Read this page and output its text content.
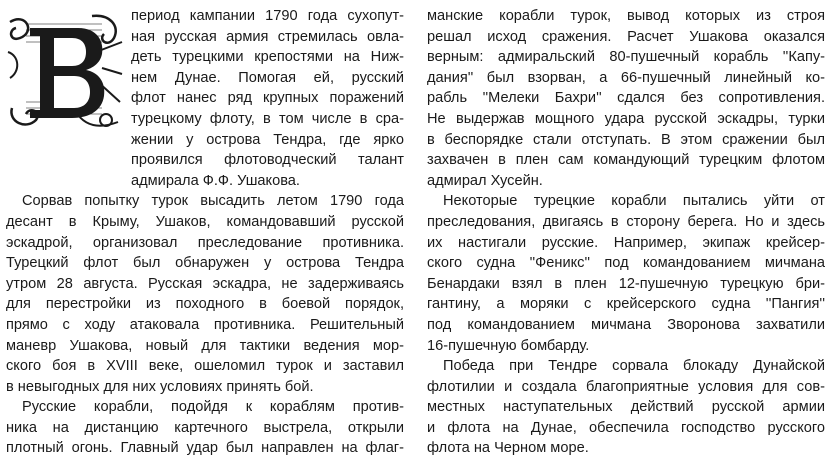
период кампании 1790 года сухопут-
ная русская армия стремилась овла-
деть турецкими крепостями на Ниж-
нем Дунае. Помогая ей, русский
флот нанес ряд крупных поражений
турецкому флоту, в том числе в сра-
жении у острова Тендра, где ярко
проявился флотоводческий талант
адмирала Ф.Ф. Ушакова.
Сорвав попытку турок высадить летом 1790 года
десант в Крыму, Ушаков, командовавший русской
эскадрой, организовал преследование противника.
Турецкий флот был обнаружен у острова Тендра
утром 28 августа. Русская эскадра, не задерживаясь
для перестройки из походного в боевой порядок,
прямо с ходу атаковала противника. Решительный
маневр Ушакова, новый для тактики ведения мор-
ского боя в XVIII веке, ошеломил турок и заставил
в невыгодных для них условиях принять бой.
Русские корабли, подойдя к кораблям против-
ника на дистанцию картечного выстрела, открыли
плотный огонь. Главный удар был направлен на флаг-
манские корабли турок, вывод которых из строя
решал исход сражения. Расчет Ушакова оказался
верным: адмиральский 80-пушечный корабль ''Капу-
дания'' был взорван, а 66-пушечный линейный ко-
рабль ''Мелеки Бахри'' сдался без сопротивления.
Не выдержав мощного удара русской эскадры, турки
в беспорядке стали отступать. В этом сражении был
захвачен в плен сам командующий турецким флотом
адмирал Хусейн.
Некоторые турецкие корабли пытались уйти от
преследования, двигаясь в сторону берега. Но и здесь
их настигали русские. Например, экипаж крейсер-
ского судна ''Феникс'' под командованием мичмана
Бенардаки взял в плен 12-пушечную турецкую бри-
гантину, а моряки с крейсерского судна ''Пангия''
под командованием мичмана Зворонова захватили
16-пушечную бомбарду.
Победа при Тендре сорвала блокаду Дунайской
флотилии и создала благоприятные условия для сов-
местных наступательных действий русской армии
и флота на Дунае, обеспечила господство русского
флота на Черном море.
